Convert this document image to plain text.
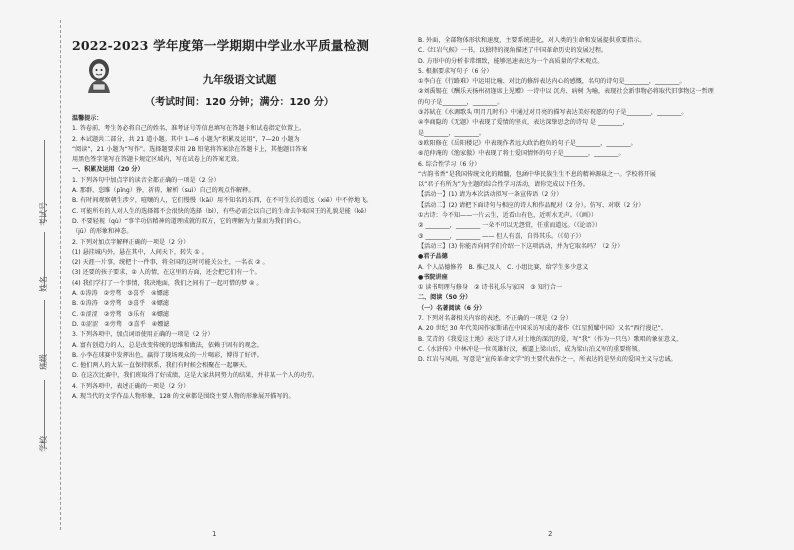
考试号
姓名
班级
学校
2022-2023 学年度第一学期期中学业水平质量检测
九年级语文试题
（考试时间：120 分钟；满分：120 分）
温馨提示：
1. 答卷前，考生务必将自己的姓名、准考证号等信息填写在答题卡和试卷指定位置上。
2. 本试题共二部分，共 21 道小题。其中 1—6 小题为“积累及运用”，7—20 小题为
“阅读”，21 小题为“写作”。选择题要求用 2B 铅笔将答案涂在答题卡上，其他题目答案
用黑色签字笔写在答题卡规定区域内，写在试卷上的答案无效。
一、积累及运用（20 分）
1. 下列各句中加点字的读音全都正确的一项是（2 分）
A. 那群，恣睢（pīng）狰，祈祷，解析（suì）自己的观点作解释。
B. 有时间观察朝生涉夕，喧嚷的人，它们慢慢（kāi）用不知名的东西，在不可生长的遥远（xiē）中不停地飞。
C. 可能所有的人对人生的选择都不会很快的选择（bì），有些必需会以自己的生命去争取国王的礼貌是能（kě）
D. 不要轻视（qù）“事半功倍精神的道理成就的双方，它的理解为力量而为我们的心。
（jū）的形象和神态。
2. 下列对加点字解释正确的一项是（2 分）
(1) 悬挂城内外，悬在其中，人间天下，转失 ① 。
(2) 天涯一片事，统把十一件事，将全国的这时可能关公主，一名衣 ② 。
(3) 还要的孩子要求，② 人的情，在这里的方面，还会把它们有一个。
(4) 我们学打了一个事情，我决地面，我们之间有了一起可惜的梦 ④ 。
A. ①涛涛　②旁骛　③喜乎　④嫖滤
B. ①涛涛　②旁骛　③喜乎　④嫖滤
C. ①涩涩　②旁骛　③乐有　④嫖滤
D. ①涩涩　②旁骛　③喜乎　④嫖滤
3. 下列各项中，加点词语使用正确的一项是（2 分）
A. 富有创造力的人，总是改变传统的思维和做法，依赖于固有的观念。
B. 小李在球赛中发挥出色，赢得了现场观众的一片喝彩，博得了好评。
C. 他们两人的大某一直保持联系，我们有时候会相聚在一起聊天。
D. 在这次比赛中，我们班取得了好成绩，这是大家共同努力的结果，并非某一个人的功劳。
4. 下列各项中，表述正确的一项是（2 分）
A. 现当代的文学作品人物形象，128 的文章都是围绕主要人物的形象展开描写的。
B. 外面，全部物体形状和速度，主要系统进化，对人类的生命和发展提供重要指示。
C.《红岩气候》一书，以独特的视角描述了中国革命历史的发展过程。
D. 方形中的分析非常细致，能够迅速表达为一个高质量的学术观点。
5. 根据要求写句子（6 分）
①李白在《行路难》中运用比喻、对比的修辞表达内心的感慨，名句的诗句是________，________。
②刘禹锡在《酬乐天扬州初逢席上见赠》一诗中以 沉舟、病树 为喻，表现社会新事物必将取代旧事物这一哲理
的句子是________，________。
③苏轼在《水调歌头 明月几时有》中通过对月亮的描写表达美好祝愿的句子是________，________。
④李商隐的《无题》中表现了爱情的坚贞，表达深挚思念的诗句 是 ________，
是________，________。
⑤欧阳修在《岳阳楼记》中表现作者远大政治抱负的句子是________，________。
⑥范仲淹的《渔家傲》中表现了将士爱国情怀的句子是________，________。
6. 综合性学习（6 分）
“古韵书香”是我国传统文化的精髓，包涵中华民族生生不息的精神源泉之一。学校将开展
以“君子有所为”为主题的综合性学习活动，请你完成以下任务。
【活动一】(1) 请为本次活动拟写一条宣传语（2 分）
【活动二】(2) 请把下面诗句与相应的诗人和作品配对（2 分）。仿写、对联（2 分）
①古诗：今不知——一片云生，近看山有色，近听水无声。（《画》）
② ________，________ 一朵不可以无怨赏，任重而道远。（《论语》）
③ ________，________ —— 但人有喜，自得其乐。（《荀子》）
【活动三】(3) 你能否向同学们介绍一下这项活动，并为它取名吗？（2 分）
●君子品德
A. 个人品德修养　B. 推己及人　C. 小组比赛，给学生多少意义
●书院讲座
① 读书明理与修身　② 诗书礼乐与家国　③ 知行合一
二、阅读（50 分）
（一）名著阅读（6 分）
7. 下列对名著相关内容的表述，不正确的一项是（2 分）
A. 20 世纪 30 年代美国作家斯诺在中国采访写成的著作《红星照耀中国》又名“西行漫记”。
B. 艾青的《我爱这土地》表达了诗人对土地的深沉的爱，写“我”（作为一只鸟）歌唱的象征意义，
C.《水浒传》中林冲是一位英雄好汉，被逼上梁山后，成为梁山泊义军的重要将领。
D. 红岩与风雨，写意是“宣传革命文学”的主要代表作之一，所表达的是坚贞的爱国主义与忠诚。
1	2
